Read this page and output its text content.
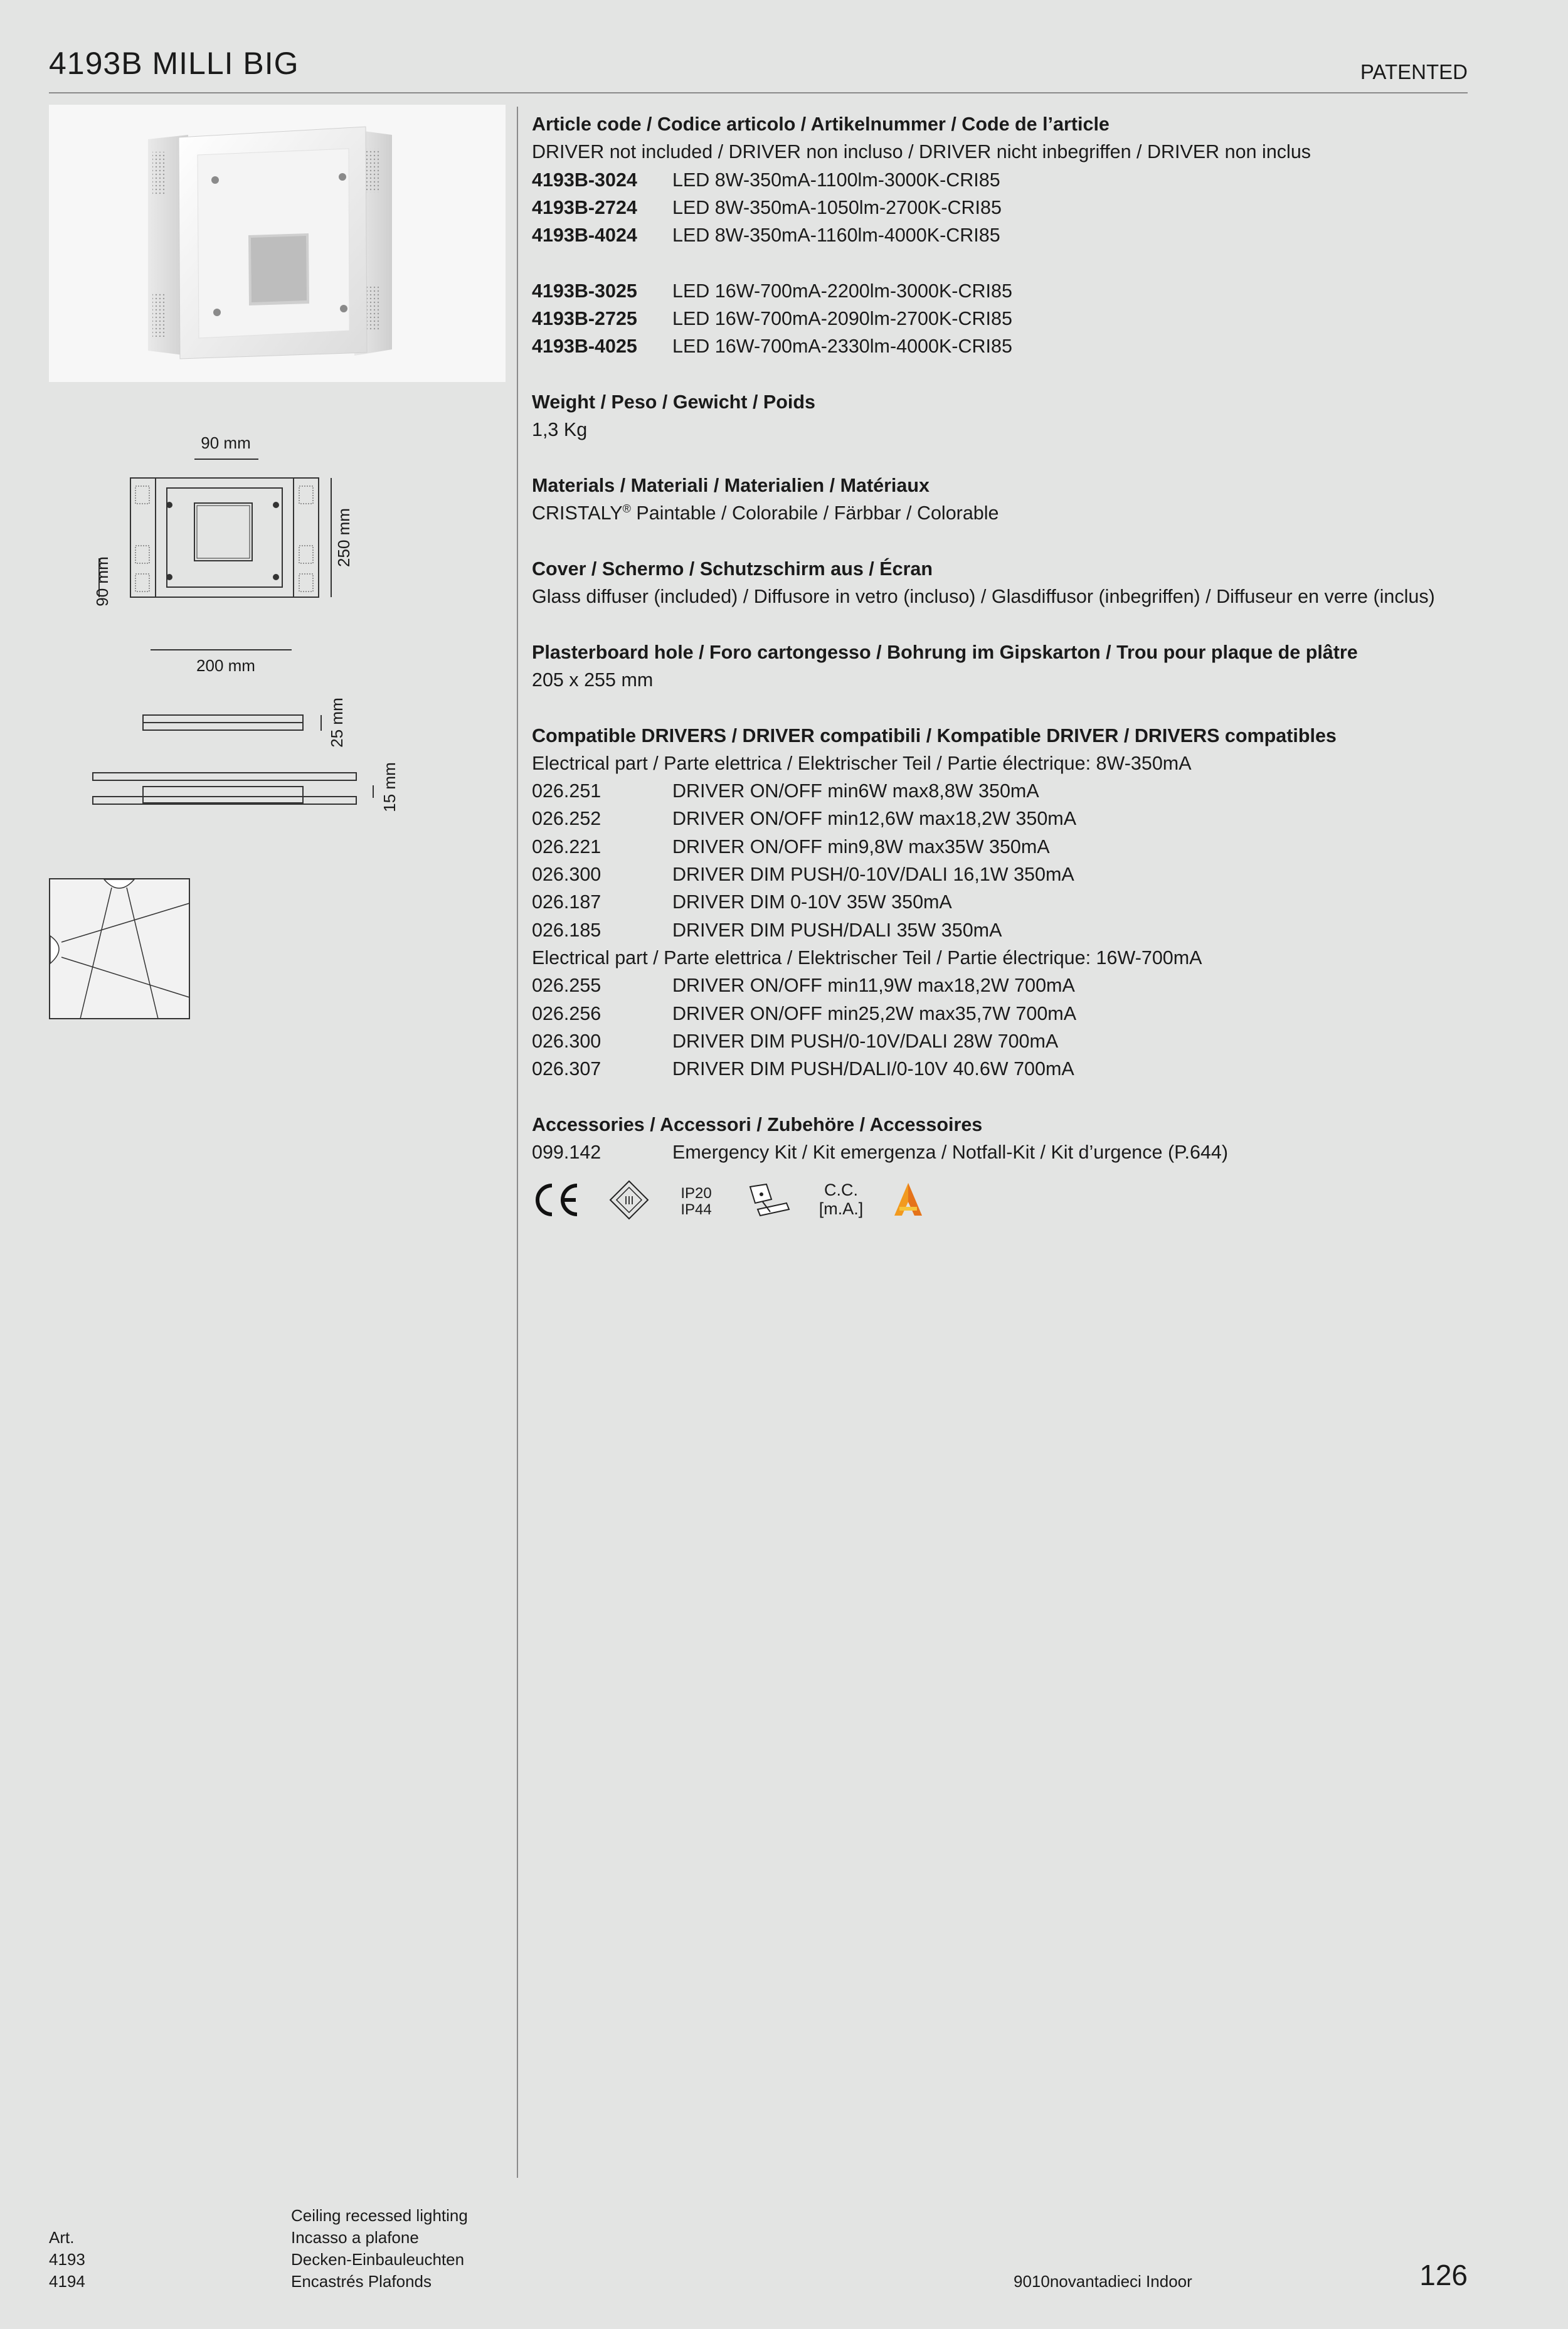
4193B MILLI BIG	PATENTED
90 mm
90 mm
250 mm
200 mm
25 mm
15 mm
Article code / Codice articolo / Artikelnummer / Code de l’article
DRIVER not included / DRIVER non incluso / DRIVER nicht inbegriffen / DRIVER non inclus
4193B-3024 LED 8W-350mA-1100lm-3000K-CRI85
4193B-2724 LED 8W-350mA-1050lm-2700K-CRI85
4193B-4024 LED 8W-350mA-1160lm-4000K-CRI85
4193B-3025 LED 16W-700mA-2200lm-3000K-CRI85
4193B-2725 LED 16W-700mA-2090lm-2700K-CRI85
4193B-4025 LED 16W-700mA-2330lm-4000K-CRI85
Weight / Peso / Gewicht / Poids
1,3 Kg
Materials / Materiali / Materialien / Matériaux
CRISTALY® Paintable / Colorabile / Färbbar / Colorable
Cover / Schermo / Schutzschirm aus / Écran
Glass diffuser (included) / Diffusore in vetro (incluso) / Glasdiffusor (inbegriffen) / Diffuseur en verre (inclus)
Plasterboard hole / Foro cartongesso / Bohrung im Gipskarton / Trou pour plaque de plâtre
205 x 255 mm
Compatible DRIVERS / DRIVER compatibili / Kompatible DRIVER / DRIVERS compatibles
Electrical part / Parte elettrica / Elektrischer Teil / Partie électrique: 8W-350mA
026.251	DRIVER ON/OFF min6W max8,8W 350mA
026.252	DRIVER ON/OFF min12,6W max18,2W 350mA
026.221	DRIVER ON/OFF min9,8W max35W 350mA
026.300	DRIVER DIM PUSH/0-10V/DALI 16,1W 350mA
026.187	DRIVER DIM 0-10V 35W 350mA
026.185	DRIVER DIM PUSH/DALI 35W 350mA
Electrical part / Parte elettrica / Elektrischer Teil / Partie électrique: 16W-700mA
026.255	DRIVER ON/OFF min11,9W max18,2W 700mA
026.256	DRIVER ON/OFF min25,2W max35,7W 700mA
026.300	DRIVER DIM PUSH/0-10V/DALI 28W 700mA
026.307	DRIVER DIM PUSH/DALI/0-10V 40.6W 700mA
Accessories / Accessori / Zubehöre / Accessoires
099.142	Emergency Kit / Kit emergenza / Notfall-Kit / Kit d’urgence (P.644)
III	IP20
IP44
C.C.
[m.A.]
Art.
4193
4194
Ceiling recessed lighting
Incasso a plafone
Decken-Einbauleuchten
Encastrés Plafonds	9010novantadieci Indoor	126
